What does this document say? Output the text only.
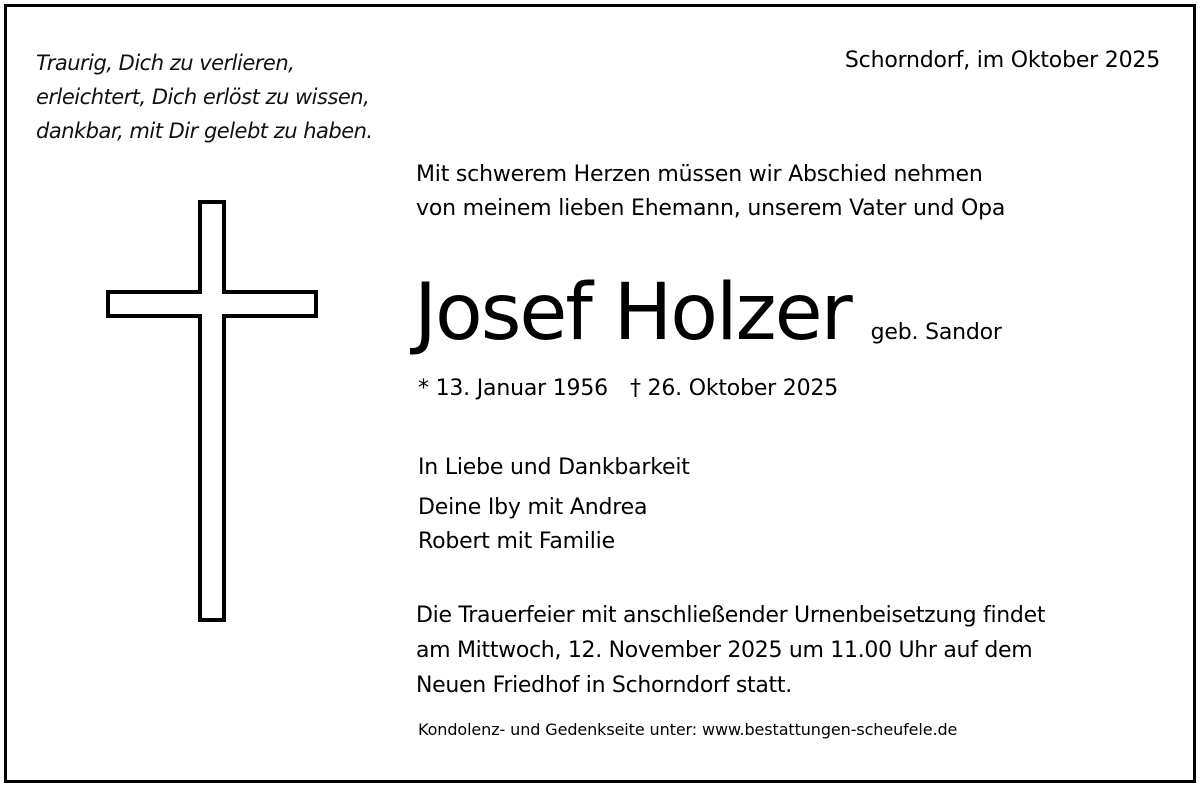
Traurig, Dich zu verlieren,
erleichtert, Dich erlöst zu wissen,
dankbar, mit Dir gelebt zu haben.
Schorndorf, im Oktober 2025
Mit schwerem Herzen müssen wir Abschied nehmen
von meinem lieben Ehemann, unserem Vater und Opa
Josef Holzer geb. Sandor
* 13. Januar 1956 † 26. Oktober 2025
In Liebe und Dankbarkeit
Deine Iby mit Andrea
Robert mit Familie
Die Trauerfeier mit anschließender Urnenbeisetzung findet
am Mittwoch, 12. November 2025 um 11.00 Uhr auf dem
Neuen Friedhof in Schorndorf statt.
Kondolenz- und Gedenkseite unter: www.bestattungen-scheufele.de
